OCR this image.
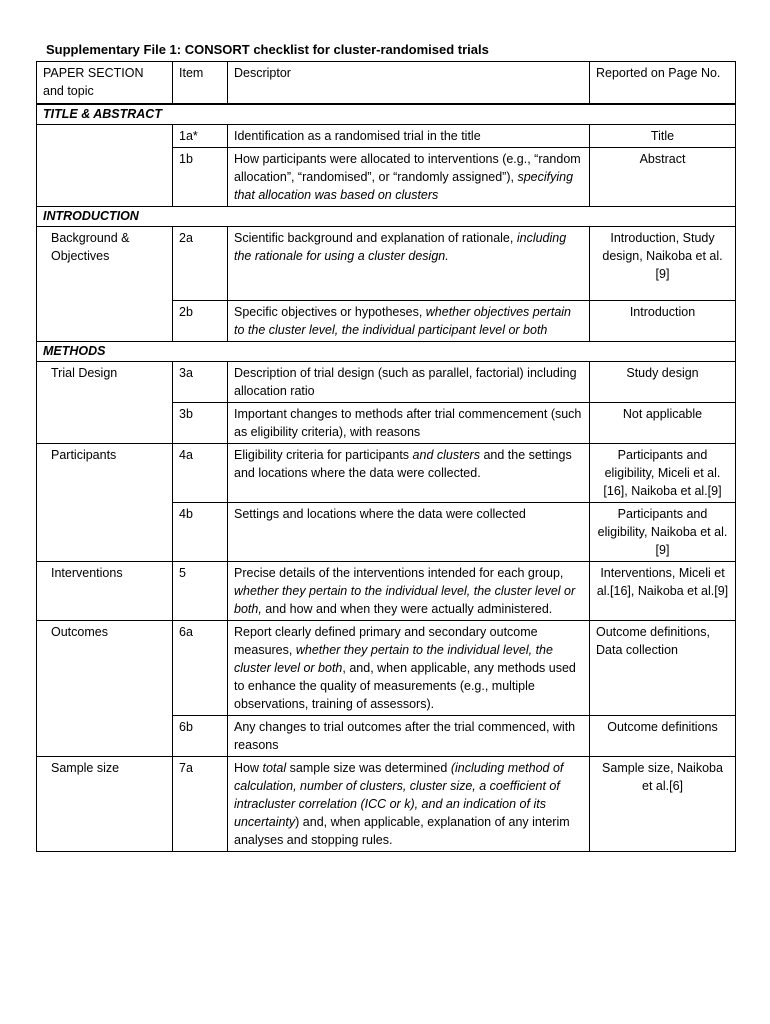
Supplementary File 1: CONSORT checklist for cluster-randomised trials
PAPER SECTION and topic	Item	Descriptor	Reported on Page No.
TITLE & ABSTRACT			
	1a*	Identification as a randomised trial in the title	Title
	1b	How participants were allocated to interventions (e.g., “random allocation”, “randomised”, or “randomly assigned”), specifying that allocation was based on clusters	Abstract
INTRODUCTION			
Background & Objectives	2a	Scientific background and explanation of rationale, including the rationale for using a cluster design.	Introduction, Study design, Naikoba et al. [9]
	2b	Specific objectives or hypotheses, whether objectives pertain to the cluster level, the individual participant level or both	Introduction
METHODS			
Trial Design	3a	Description of trial design (such as parallel, factorial) including allocation ratio	Study design
	3b	Important changes to methods after trial commencement (such as eligibility criteria), with reasons	Not applicable
Participants	4a	Eligibility criteria for participants and clusters and the settings and locations where the data were collected.	Participants and eligibility, Miceli et al.[16], Naikoba et al.[9]
	4b	Settings and locations where the data were collected	Participants and eligibility, Naikoba et al.[9]
Interventions	5	Precise details of the interventions intended for each group, whether they pertain to the individual level, the cluster level or both, and how and when they were actually administered.	Interventions, Miceli et al.[16], Naikoba et al.[9]
Outcomes	6a	Report clearly defined primary and secondary outcome measures, whether they pertain to the individual level, the cluster level or both, and, when applicable, any methods used to enhance the quality of measurements (e.g., multiple observations, training of assessors).	Outcome definitions, Data collection
	6b	Any changes to trial outcomes after the trial commenced, with reasons	Outcome definitions
Sample size	7a	How total sample size was determined (including method of calculation, number of clusters, cluster size, a coefficient of intracluster correlation (ICC or k), and an indication of its uncertainty) and, when applicable, explanation of any interim analyses and stopping rules.	Sample size, Naikoba et al.[6]
